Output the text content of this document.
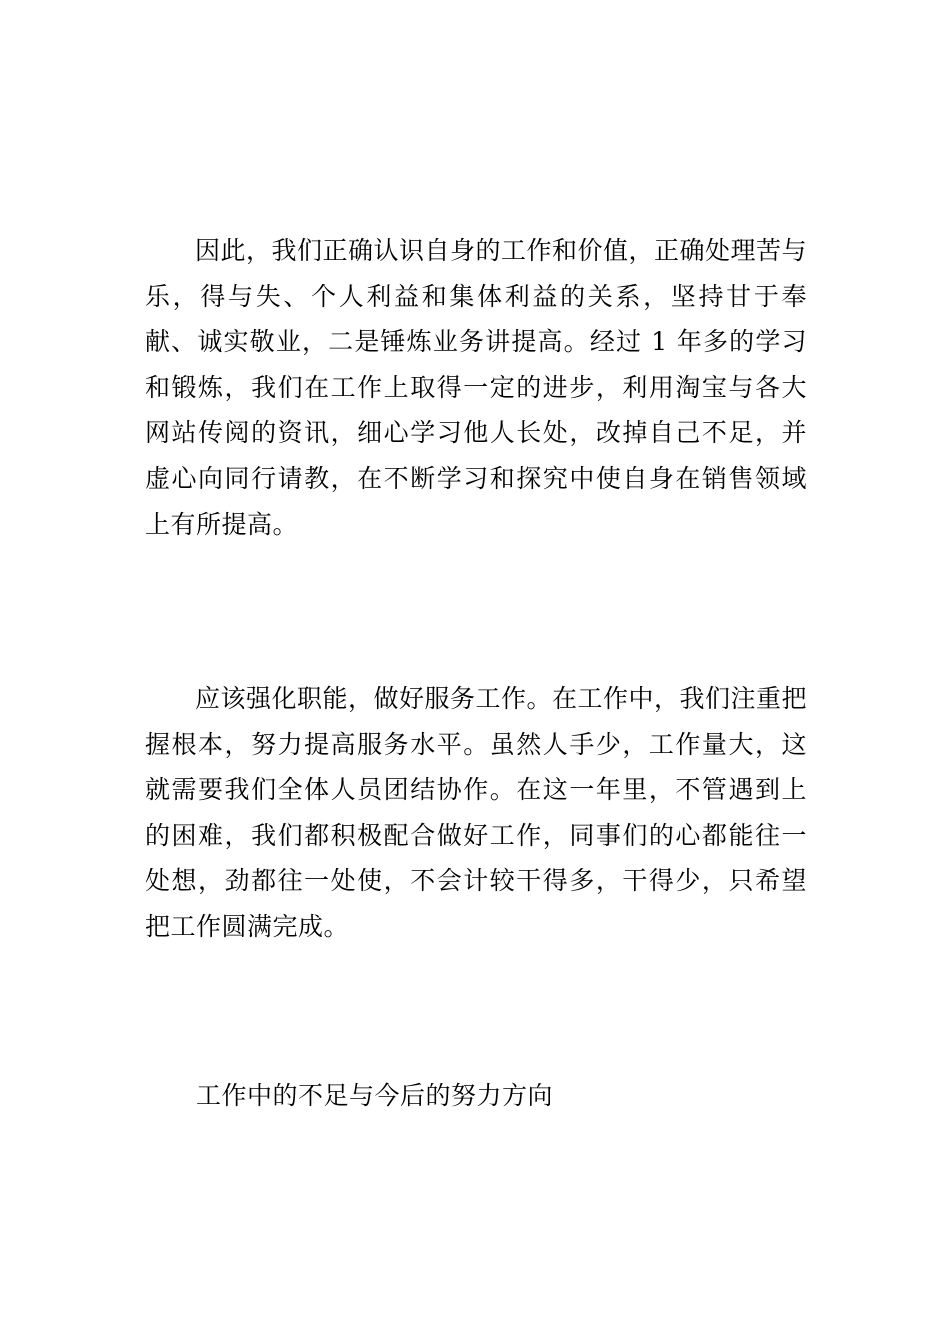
因此，我们正确认识自身的工作和价值，正确处理苦与乐，得与失、个人利益和集体利益的关系，坚持甘于奉献、诚实敬业，二是锤炼业务讲提高。经过 1 年多的学习和锻炼，我们在工作上取得一定的进步，利用淘宝与各大网站传阅的资讯，细心学习他人长处，改掉自己不足，并虚心向同行请教，在不断学习和探究中使自身在销售领域上有所提高。

应该强化职能，做好服务工作。在工作中，我们注重把握根本，努力提高服务水平。虽然人手少，工作量大，这就需要我们全体人员团结协作。在这一年里，不管遇到上的困难，我们都积极配合做好工作，同事们的心都能往一处想，劲都往一处使，不会计较干得多，干得少，只希望把工作圆满完成。

工作中的不足与今后的努力方向
